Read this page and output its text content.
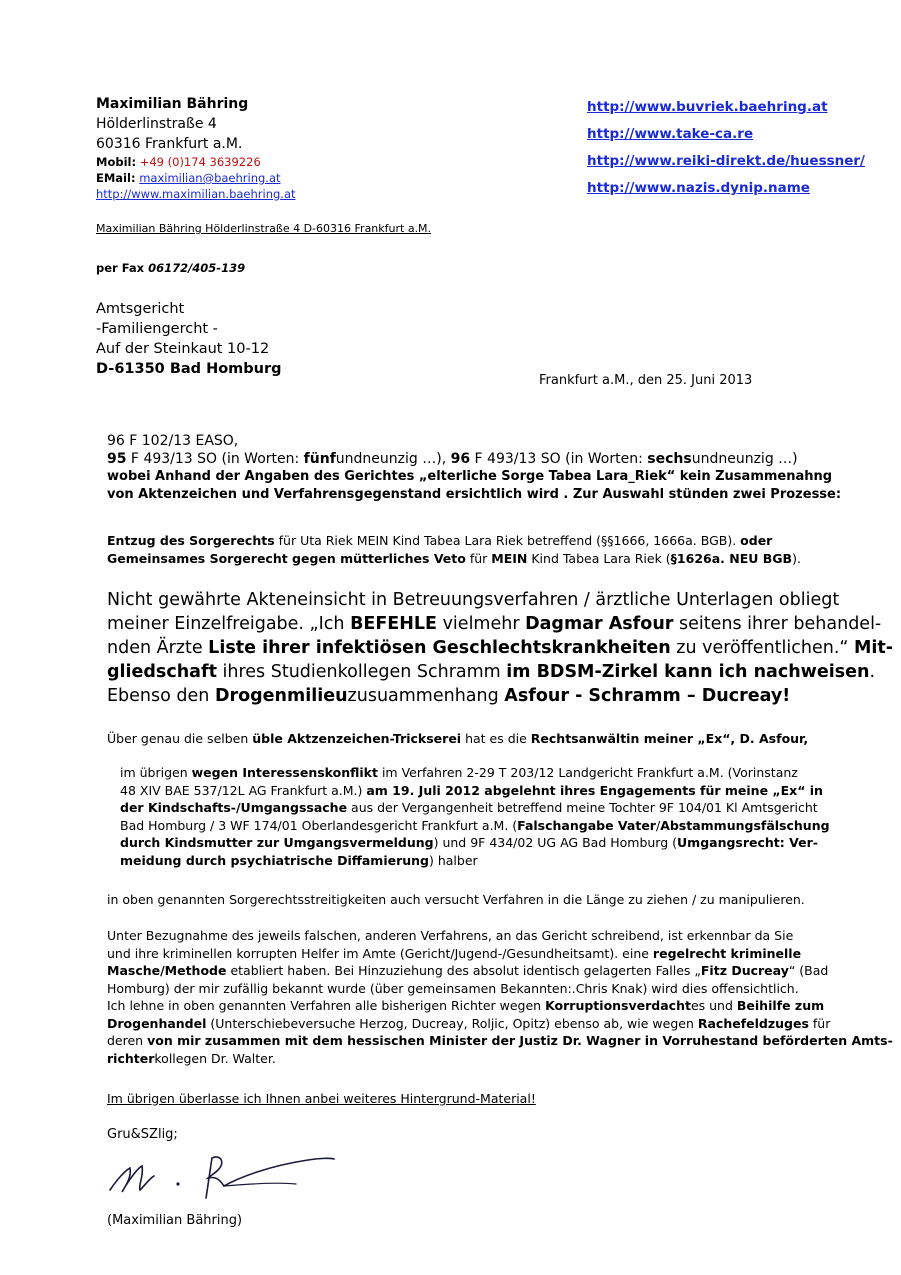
Maximilian Bähring
Hölderlinstraße 4
60316 Frankfurt a.M.
Mobil: +49 (0)174 3639226
EMail: maximilian@baehring.at
http://www.maximilian.baehring.at
http://www.buvriek.baehring.at
http://www.take-ca.re
http://www.reiki-direkt.de/huessner/
http://www.nazis.dynip.name
Maximilian Bähring Hölderlinstraße 4 D-60316 Frankfurt a.M.
per Fax 06172/405-139
Amtsgericht
-Familiengercht -
Auf der Steinkaut 10-12
D-61350 Bad Homburg
Frankfurt a.M., den 25. Juni 2013
96 F 102/13 EASO,
95 F 493/13 SO (in Worten: fünfundneunzig …), 96 F 493/13 SO (in Worten: sechsundneunzig …)
wobei Anhand der Angaben des Gerichtes „elterliche Sorge Tabea Lara_Riek“ kein Zusammenahng
von Aktenzeichen und Verfahrensgegenstand ersichtlich wird . Zur Auswahl stünden zwei Prozesse:
Entzug des Sorgerechts für Uta Riek MEIN Kind Tabea Lara Riek betreffend (§§1666, 1666a. BGB). oder
Gemeinsames Sorgerecht gegen mütterliches Veto für MEIN Kind Tabea Lara Riek (§1626a. NEU BGB).
Nicht gewährte Akteneinsicht in Betreuungsverfahren / ärztliche Unterlagen obliegt
meiner Einzelfreigabe. „Ich BEFEHLE vielmehr Dagmar Asfour seitens ihrer behandel-
nden Ärzte Liste ihrer infektiösen Geschlechtskrankheiten zu veröffentlichen.“ Mit-
gliedschaft ihres Studienkollegen Schramm im BDSM-Zirkel kann ich nachweisen.
Ebenso den Drogenmilieuzusuammenhang Asfour - Schramm – Ducreay!
Über genau die selben üble Aktzenzeichen-Trickserei hat es die Rechtsanwältin meiner „Ex“, D. Asfour,
im übrigen wegen Interessenskonflikt im Verfahren 2-29 T 203/12 Landgericht Frankfurt a.M. (Vorinstanz
48 XIV BAE 537/12L AG Frankfurt a.M.) am 19. Juli 2012 abgelehnt ihres Engagements für meine „Ex“ in
der Kindschafts-/Umgangssache aus der Vergangenheit betreffend meine Tochter 9F 104/01 Kl Amtsgericht
Bad Homburg / 3 WF 174/01 Oberlandesgericht Frankfurt a.M. (Falschangabe Vater/Abstammungsfälschung
durch Kindsmutter zur Umgangsvermeldung) und 9F 434/02 UG AG Bad Homburg (Umgangsrecht: Ver-
meidung durch psychiatrische Diffamierung) halber
in oben genannten Sorgerechtsstreitigkeiten auch versucht Verfahren in die Länge zu ziehen / zu manipulieren.
Unter Bezugnahme des jeweils falschen, anderen Verfahrens, an das Gericht schreibend, ist erkennbar da Sie
und ihre kriminellen korrupten Helfer im Amte (Gericht/Jugend-/Gesundheitsamt). eine regelrecht kriminelle
Masche/Methode etabliert haben. Bei Hinzuziehung des absolut identisch gelagerten Falles „Fitz Ducreay“ (Bad
Homburg) der mir zufällig bekannt wurde (über gemeinsamen Bekannten:.Chris Knak) wird dies offensichtlich.
Ich lehne in oben genannten Verfahren alle bisherigen Richter wegen Korruptionsverdachtes und Beihilfe zum
Drogenhandel (Unterschiebeversuche Herzog, Ducreay, Roljic, Opitz) ebenso ab, wie wegen Rachefeldzuges für
deren von mir zusammen mit dem hessischen Minister der Justiz Dr. Wagner in Vorruhestand beförderten Amts-
richterkollegen Dr. Walter.
Im übrigen überlasse ich Ihnen anbei weiteres Hintergrund-Material!
Gru&SZlig;
(Maximilian Bähring)
